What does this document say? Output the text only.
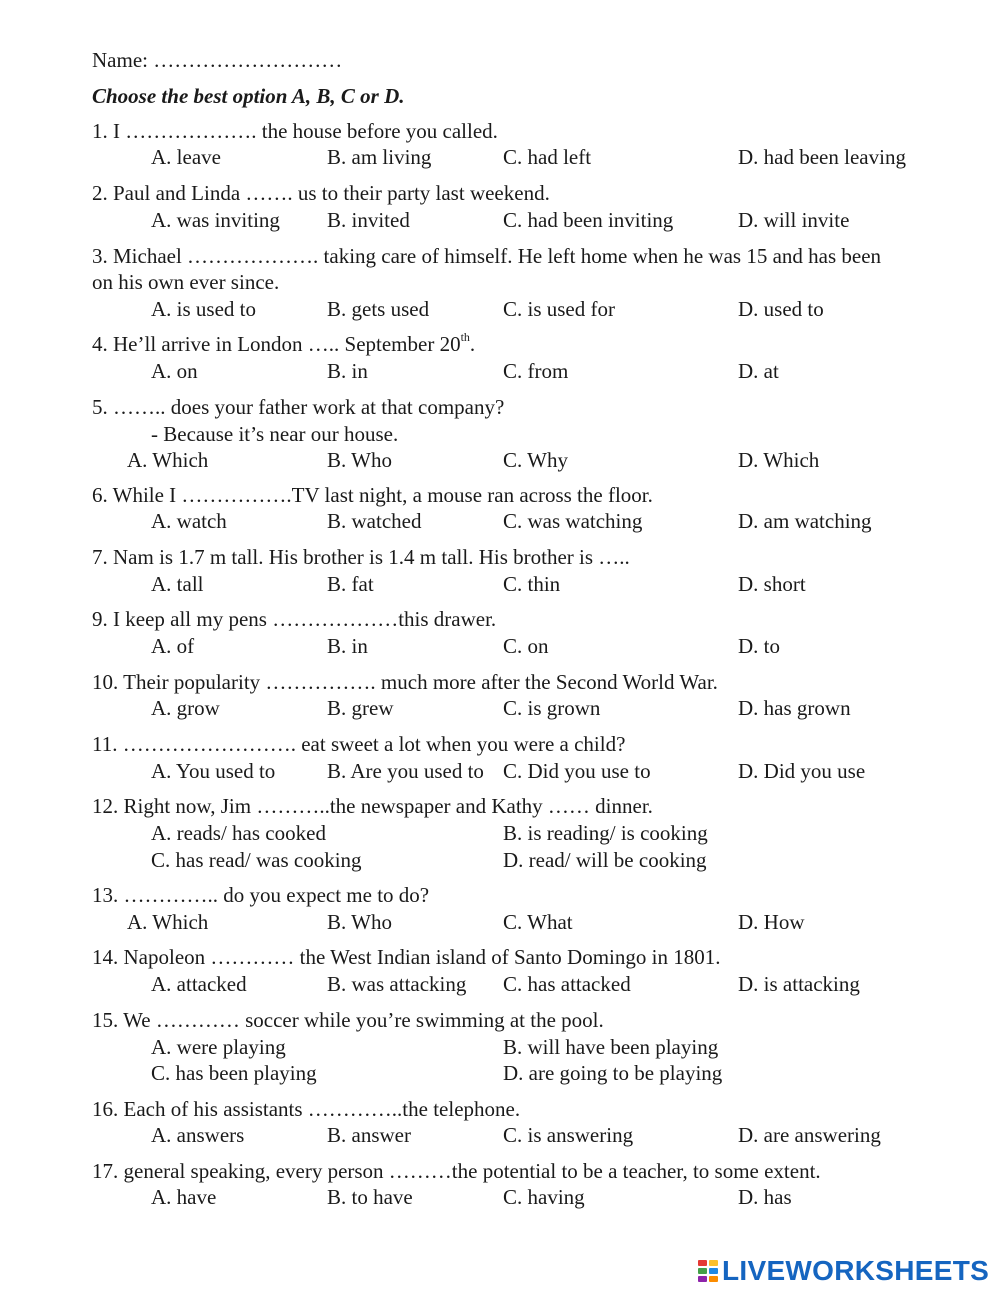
Name: ………………………
Choose the best option A, B, C or D.
1. I ………………. the house before you called.
A. leave	B. am living	C. had left	D. had been leaving
2. Paul and Linda ……. us to their party last weekend.
A. was inviting B. invited	C. had been inviting	D. will invite
3. Michael ………………. taking care of himself. He left home when he was 15 and has been
on his own ever since.
A. is used to	B. gets used	C. is used for	D. used to
4. He’ll arrive in London ….. September 20th.
A. on	B. in	C. from	D. at
5. …….. does your father work at that company?
- Because it’s near our house.
A. Which	B. Who	C. Why	D. Which
6. While I …………….TV last night, a mouse ran across the floor.
A. watch	B. watched	C. was watching	D. am watching
7. Nam is 1.7 m tall. His brother is 1.4 m tall. His brother is …..
A. tall	B. fat	C. thin	D. short
9. I keep all my pens ………………this drawer.
A. of	B. in	C. on	D. to
10. Their popularity ……………. much more after the Second World War.
A. grow	B. grew	C. is grown	D. has grown
11. ……………………. eat sweet a lot when you were a child?
A. You used to B. Are you used to C. Did you use to	D. Did you use
12. Right now, Jim ………..the newspaper and Kathy …… dinner.
A. reads/ has cooked	B. is reading/ is cooking
C. has read/ was cooking	D. read/ will be cooking
13. ………….. do you expect me to do?
A. Which	B. Who	C. What	D. How
14. Napoleon ………… the West Indian island of Santo Domingo in 1801.
A. attacked	B. was attacking C. has attacked	D. is attacking
15. We ………… soccer while you’re swimming at the pool.
A. were playing	B. will have been playing
C. has been playing	D. are going to be playing
16. Each of his assistants …………..the telephone.
A. answers	B. answer	C. is answering	D. are answering
17. general speaking, every person ………the potential to be a teacher, to some extent.
A. have	B. to have	C. having	D. has
LIVEWORKSHEETS
